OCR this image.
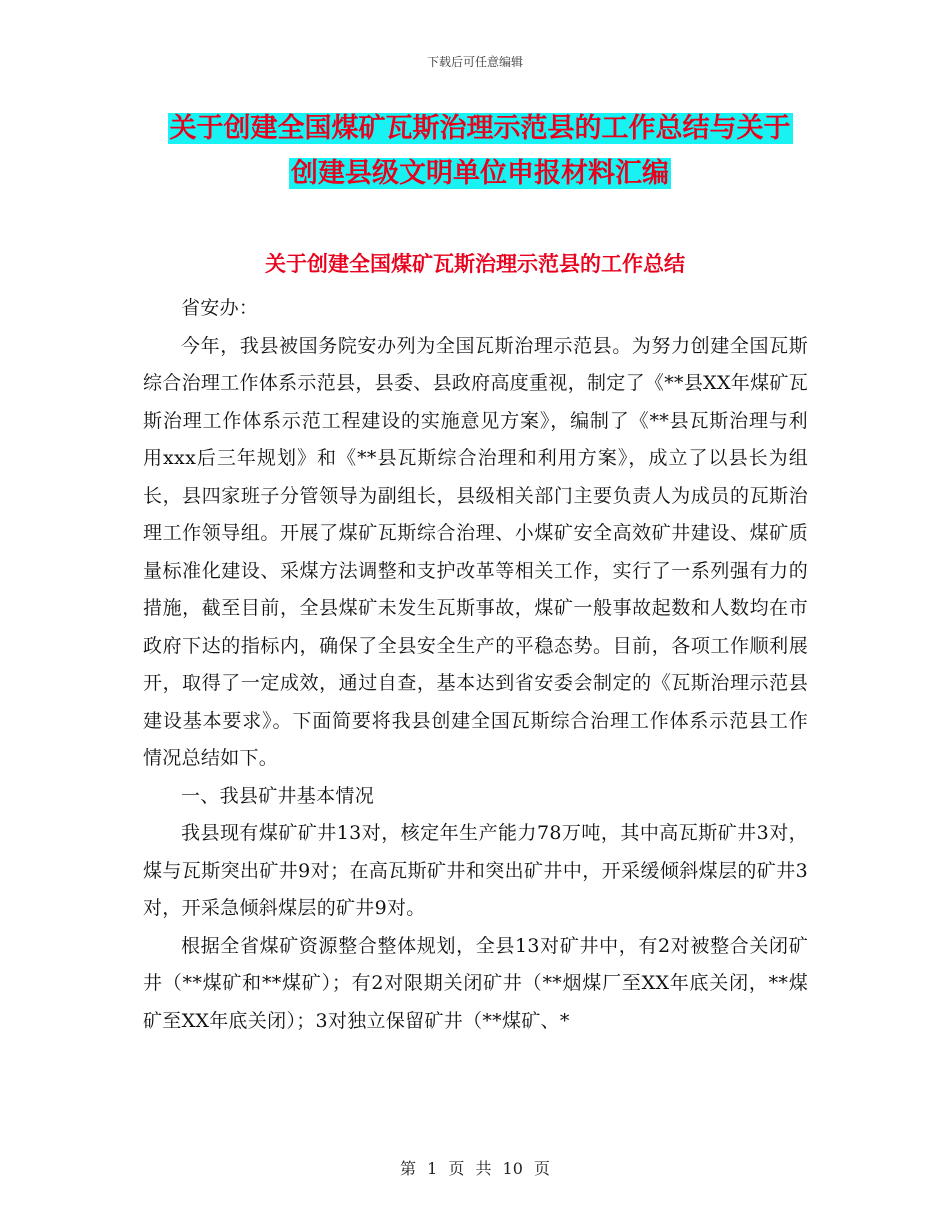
下载后可任意编辑
关于创建全国煤矿瓦斯治理示范县的工作总结与关于
创建县级文明单位申报材料汇编
关于创建全国煤矿瓦斯治理示范县的工作总结

省安办：

今年，我县被国务院安办列为全国瓦斯治理示范县。为努力创建全国瓦斯综合治理工作体系示范县，县委、县政府高度重视，制定了《**县XX年煤矿瓦斯治理工作体系示范工程建设的实施意见方案》，编制了《**县瓦斯治理与利用xxx后三年规划》和《**县瓦斯综合治理和利用方案》，成立了以县长为组长，县四家班子分管领导为副组长，县级相关部门主要负责人为成员的瓦斯治理工作领导组。开展了煤矿瓦斯综合治理、小煤矿安全高效矿井建设、煤矿质量标准化建设、采煤方法调整和支护改革等相关工作，实行了一系列强有力的措施，截至目前，全县煤矿未发生瓦斯事故，煤矿一般事故起数和人数均在市政府下达的指标内，确保了全县安全生产的平稳态势。目前，各项工作顺利展开，取得了一定成效，通过自查，基本达到省安委会制定的《瓦斯治理示范县建设基本要求》。下面简要将我县创建全国瓦斯综合治理工作体系示范县工作情况总结如下。

一、我县矿井基本情况

我县现有煤矿矿井13对，核定年生产能力78万吨，其中高瓦斯矿井3对，煤与瓦斯突出矿井9对；在高瓦斯矿井和突出矿井中，开采缓倾斜煤层的矿井3对，开采急倾斜煤层的矿井9对。

根据全省煤矿资源整合整体规划，全县13对矿井中，有2对被整合关闭矿井（**煤矿和**煤矿）；有2对限期关闭矿井（**烟煤厂至XX年底关闭，**煤矿至XX年底关闭）；3对独立保留矿井（**煤矿、*

第 1 页 共 10 页
